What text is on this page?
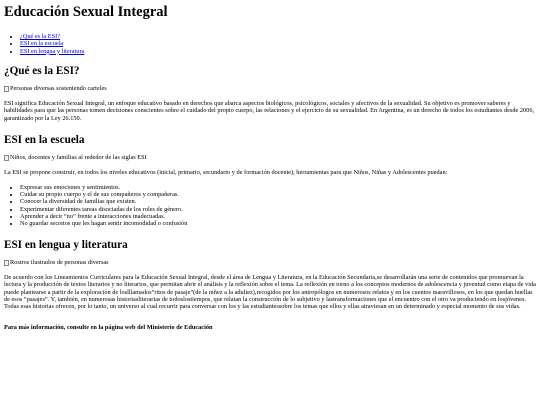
Educación Sexual Integral
• ¿Qué es la ESI?
• ESI en la escuela
• ESI en lengua y literatura
¿Qué es la ESI?
Personas diversas sosteniendo carteles

ESI significa Educación Sexual Integral, un enfoque educativo basado en derechos que abarca aspectos biológicos, psicológicos, sociales y afectivos de la sexualidad. Su objetivo es promover saberes y habilidades para que las personas tomen decisiones conscientes sobre el cuidado del propio cuerpo, las relaciones y el ejercicio de su sexualidad. En Argentina, es un derecho de todos los estudiantes desde 2006, garantizado por la Ley 26.150.

ESI en la escuela
Niños, docentes y familias al rededor de las siglas ESI

La ESI se propone construir, en todos los niveles educativos (inicial, primario, secundario y de formación docente), herramientas para que Niños, Niñas y Adolescentes puedan:

• Expresar sus emociones y sentimientos.
• Cuidar su propio cuerpo y el de sus compañeros y compañeras.
• Conocer la diversidad de familias que existen.
• Experimentar diferentes tareas disociadas de los roles de género.
• Aprender a decir “no” frente a interacciones inadecuadas.
• No guardar secretos que les hagan sentir incomodidad o confusión
ESI en lengua y literatura
Rostros ilustrados de personas diversas

De acuerdo con los Lineamientos Curriculares para la Educación Sexual Integral, desde el área de Lengua y Literatura, en la Educación Secundaria,se desarrollarán una serie de contenidos que promuevan la lectura y la producción de textos literarios y no literarios, que permitan abrir el análisis y la reflexión sobre el tema. La reflexión en torno a los conceptos modernos de adolescencia y juventud como etapa de vida puede plantearse a partir de la exploración de loslllamados“ritos de pasaje”(de la niñez a la adultez),recogidos por los antropólogos en numerosos relatos y en los cuentos maravillosos, en los que quedan huellas de esos “pasajes”. Y, también, en numerosas historiasliterarias de todoslostiempos, que relatan la construcción de lo subjetivo y lastransformaciones que el encuentro con el otro va produciendo en losjóvenes. Todas esas historias ofrecen, por lo tanto, un universo al cual recurrir para conversar con los y las estudiantessobre los temas que ellos y ellas atraviesan en un determinado y especial momento de sus vidas.

Para más información, consulte en la página web del Ministerio de Educación
